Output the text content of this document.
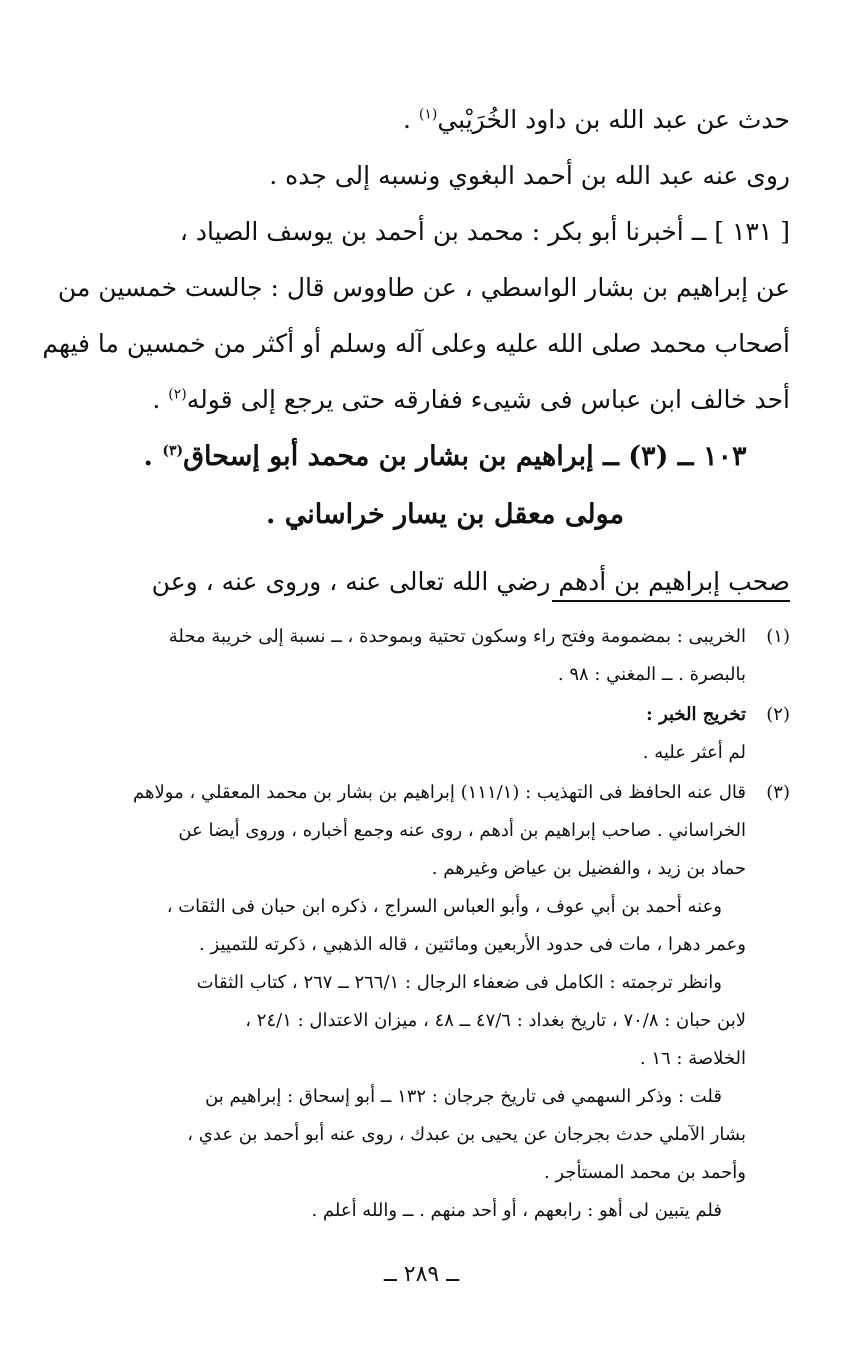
حدث عن عبد الله بن داود الخُرَيْبي$^{(١)}$ .
روى عنه عبد الله بن أحمد البغوي ونسبه إلى جده .
[ ١٣١ ] ــ أخبرنا أبو بكر : محمد بن أحمد بن يوسف الصياد ،
عن إبراهيم بن بشار الواسطي ، عن طاووس قال : جالست خمسين من
أصحاب محمد صلى الله عليه وعلى آله وسلم أو أكثر من خمسين ما فيهم
أحد خالف ابن عباس فى شيىء ففارقه حتى يرجع إلى قوله$^{(٢)}$ .
١٠٣ ــ (٣) ــ إبراهيم بن بشار بن محمد أبو إسحاق$^{(٣)}$ .
مولى معقل بن يسار خراساني .
صحب إبراهيم بن أدهم رضي الله تعالى عنه ، وروى عنه ، وعن
(١)
الخريبى : بمضمومة وفتح راء وسكون تحتية وبموحدة ، ــ نسبة إلى خريبة محلة
بالبصرة . ــ المغني : ٩٨ .
(٢)
تخريج الخبر :
لم أعثر عليه .
(٣)
قال عنه الحافظ فى التهذيب : (١١١/١) إبراهيم بن بشار بن محمد المعقلي ، مولاهم
الخراساني . صاحب إبراهيم بن أدهم ، روى عنه وجمع أخباره ، وروى أيضا عن
حماد بن زيد ، والفضيل بن عياض وغيرهم .
وعنه أحمد بن أبي عوف ، وأبو العباس السراج ، ذكره ابن حبان فى الثقات ،
وعمر دهرا ، مات فى حدود الأربعين ومائتين ، قاله الذهبي ، ذكرته للتمييز .
وانظر ترجمته : الكامل فى ضعفاء الرجال : ٢٦٦/١ ــ ٢٦٧ ، كتاب الثقات
لابن حبان : ٧٠/٨ ، تاريخ بغداد : ٤٧/٦ ــ ٤٨ ، ميزان الاعتدال : ٢٤/١ ،
الخلاصة : ١٦ .
قلت : وذكر السهمي فى تاريخ جرجان : ١٣٢ ــ أبو إسحاق : إبراهيم بن
بشار الآملي حدث بجرجان عن يحيى بن عبدك ، روى عنه أبو أحمد بن عدي ،
وأحمد بن محمد المستأجر .
فلم يتبين لى أهو : رابعهم ، أو أحد منهم . ــ والله أعلم .
ــ ٢٨٩ ــ
